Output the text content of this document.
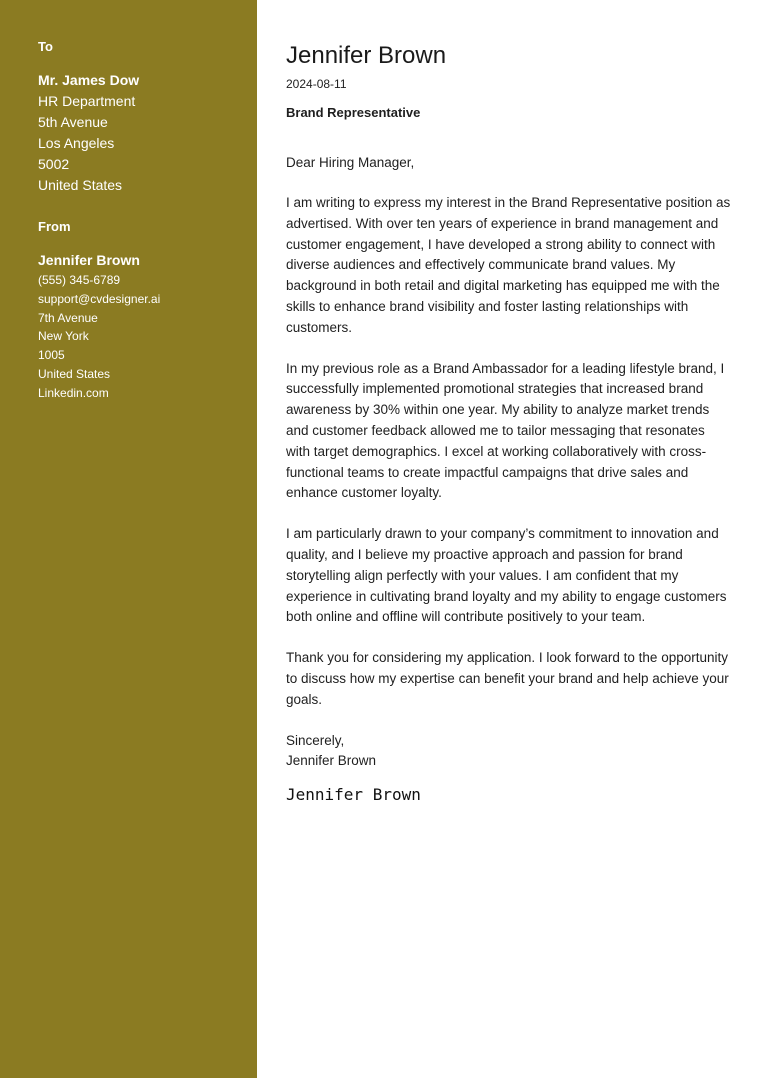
To
Mr. James Dow
HR Department
5th Avenue
Los Angeles
5002
United States
From
Jennifer Brown
(555) 345-6789
support@cvdesigner.ai
7th Avenue
New York
1005
United States
Linkedin.com
Jennifer Brown
2024-08-11
Brand Representative
Dear Hiring Manager,

I am writing to express my interest in the Brand Representative position as advertised. With over ten years of experience in brand management and customer engagement, I have developed a strong ability to connect with diverse audiences and effectively communicate brand values. My background in both retail and digital marketing has equipped me with the skills to enhance brand visibility and foster lasting relationships with customers.

In my previous role as a Brand Ambassador for a leading lifestyle brand, I successfully implemented promotional strategies that increased brand awareness by 30% within one year. My ability to analyze market trends and customer feedback allowed me to tailor messaging that resonates with target demographics. I excel at working collaboratively with cross-functional teams to create impactful campaigns that drive sales and enhance customer loyalty.

I am particularly drawn to your company’s commitment to innovation and quality, and I believe my proactive approach and passion for brand storytelling align perfectly with your values. I am confident that my experience in cultivating brand loyalty and my ability to engage customers both online and offline will contribute positively to your team.

Thank you for considering my application. I look forward to the opportunity to discuss how my expertise can benefit your brand and help achieve your goals.

Sincerely,
Jennifer Brown
Jennifer Brown
